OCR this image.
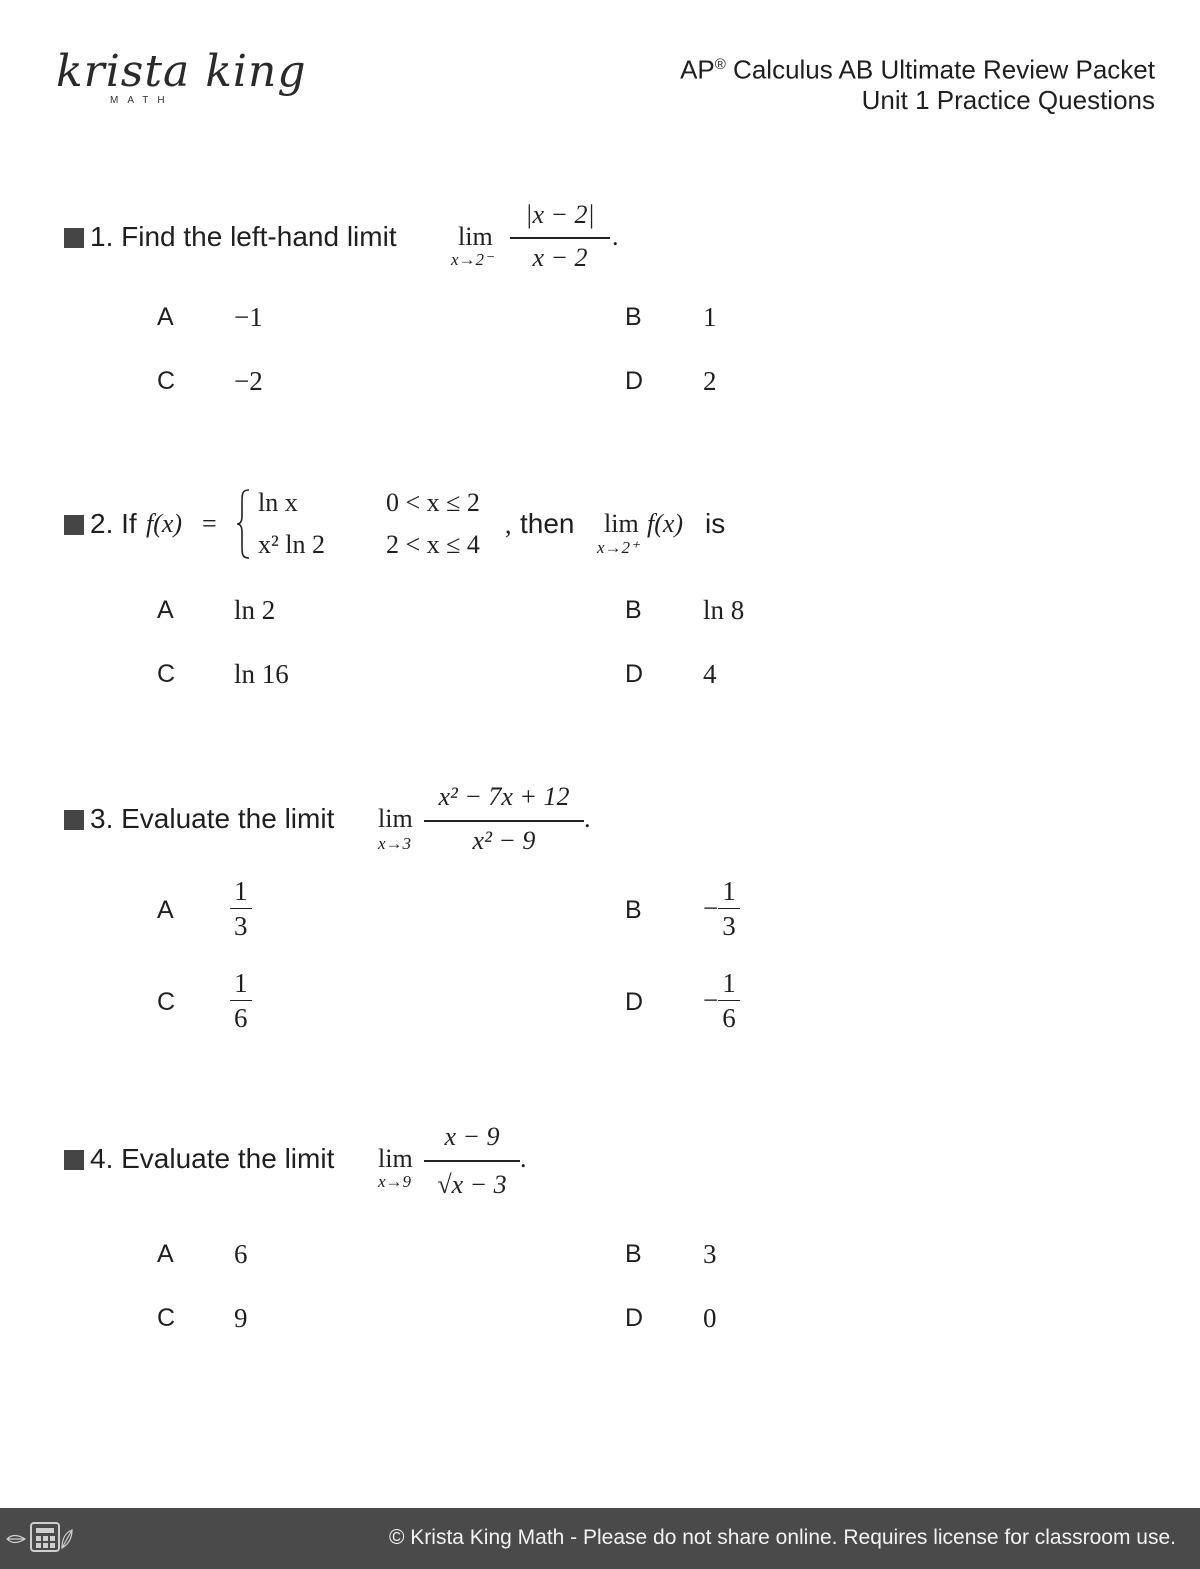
krista king
MATH
AP® Calculus AB Ultimate Review Packet
Unit 1 Practice Questions
1. Find the left-hand limit lim
x→2⁻
|x − 2|
x − 2
.
A −1	B 1
C −2	D 2
2. If f(x) =
ln x
x² ln 2
0 < x ≤ 2
2 < x ≤ 4
, then lim
x→2⁺
f(x) is
A ln 2	B ln 8
C ln 16	D 4
3. Evaluate the limit lim
x→3
x² − 7x + 12
x² − 9
.
A $\frac{1}{3}$	$B - \frac{1}{3}$
C $\frac{1}{6}$	$D - \frac{1}{6}$
4. Evaluate the limit lim
x→9
x − 9
√x − 3
.
A 6	B 3
C 9	D 0
© Krista King Math - Please do not share online. Requires license for classroom use.
